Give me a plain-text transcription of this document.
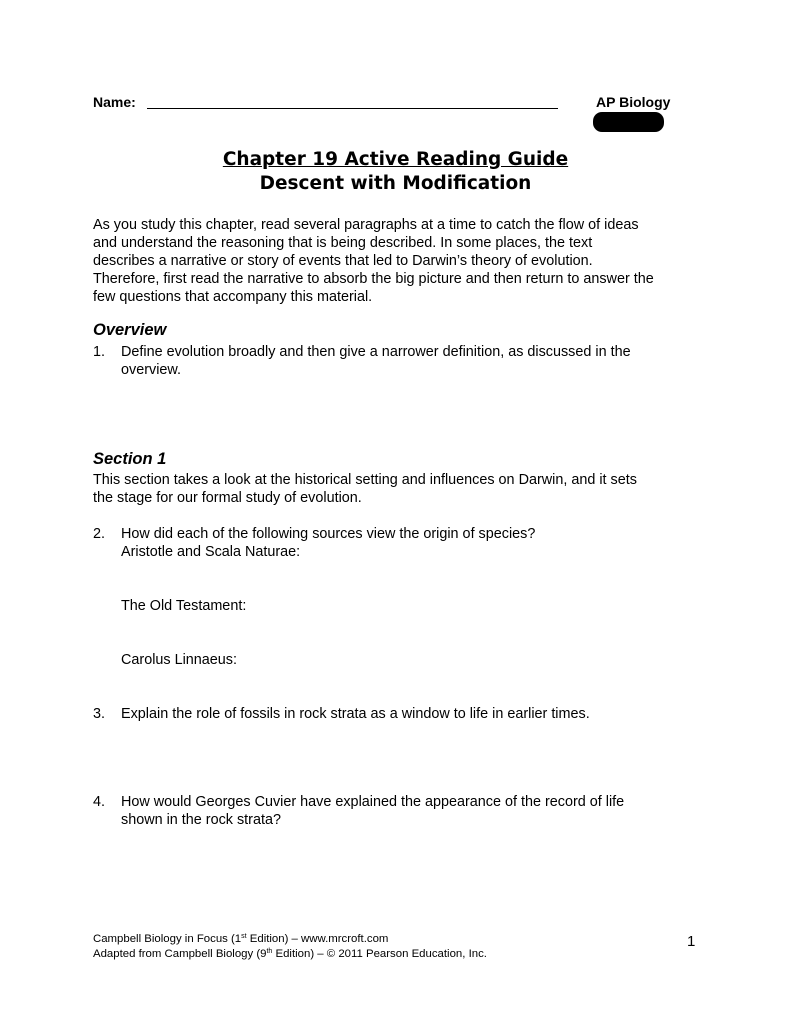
Name:	AP Biology
Chapter 19 Active Reading Guide
Descent with Modification
As you study this chapter, read several paragraphs at a time to catch the flow of ideas
and understand the reasoning that is being described. In some places, the text
describes a narrative or story of events that led to Darwin’s theory of evolution.
Therefore, first read the narrative to absorb the big picture and then return to answer the
few questions that accompany this material.
Overview
1. Define evolution broadly and then give a narrower definition, as discussed in the
overview.
Section 1
This section takes a look at the historical setting and influences on Darwin, and it sets
the stage for our formal study of evolution.
2. How did each of the following sources view the origin of species?
Aristotle and Scala Naturae:
The Old Testament:
Carolus Linnaeus:
3. Explain the role of fossils in rock strata as a window to life in earlier times.
4. How would Georges Cuvier have explained the appearance of the record of life
shown in the rock strata?
Campbell Biology in Focus (1st Edition) – www.mrcroft.com
Adapted from Campbell Biology (9th Edition) – © 2011 Pearson Education, Inc.
1
